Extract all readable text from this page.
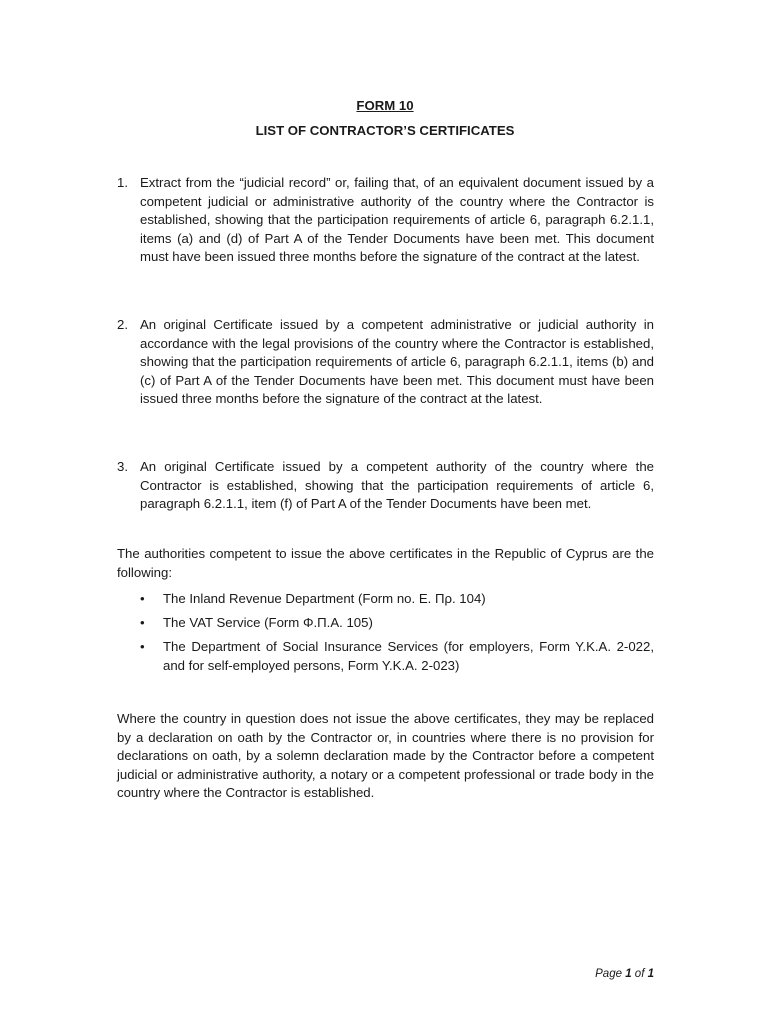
FORM 10
LIST OF CONTRACTOR’S CERTIFICATES
1. Extract from the “judicial record” or, failing that, of an equivalent document issued by a competent judicial or administrative authority of the country where the Contractor is established, showing that the participation requirements of article 6, paragraph 6.2.1.1, items (a) and (d) of Part A of the Tender Documents have been met. This document must have been issued three months before the signature of the contract at the latest.
2. An original Certificate issued by a competent administrative or judicial authority in accordance with the legal provisions of the country where the Contractor is established, showing that the participation requirements of article 6, paragraph 6.2.1.1, items (b) and (c) of Part A of the Tender Documents have been met. This document must have been issued three months before the signature of the contract at the latest.
3. An original Certificate issued by a competent authority of the country where the Contractor is established, showing that the participation requirements of article 6, paragraph 6.2.1.1, item (f) of Part A of the Tender Documents have been met.
The authorities competent to issue the above certificates in the Republic of Cyprus are the following:
• The Inland Revenue Department (Form no. Ε. Πρ. 104)
• The VAT Service (Form Φ.Π.Α. 105)
• The Department of Social Insurance Services (for employers, Form Y.K.A. 2-022, and for self-employed persons, Form Y.K.A. 2-023)
Where the country in question does not issue the above certificates, they may be replaced by a declaration on oath by the Contractor or, in countries where there is no provision for declarations on oath, by a solemn declaration made by the Contractor before a competent judicial or administrative authority, a notary or a competent professional or trade body in the country where the Contractor is established.
Page 1 of 1
